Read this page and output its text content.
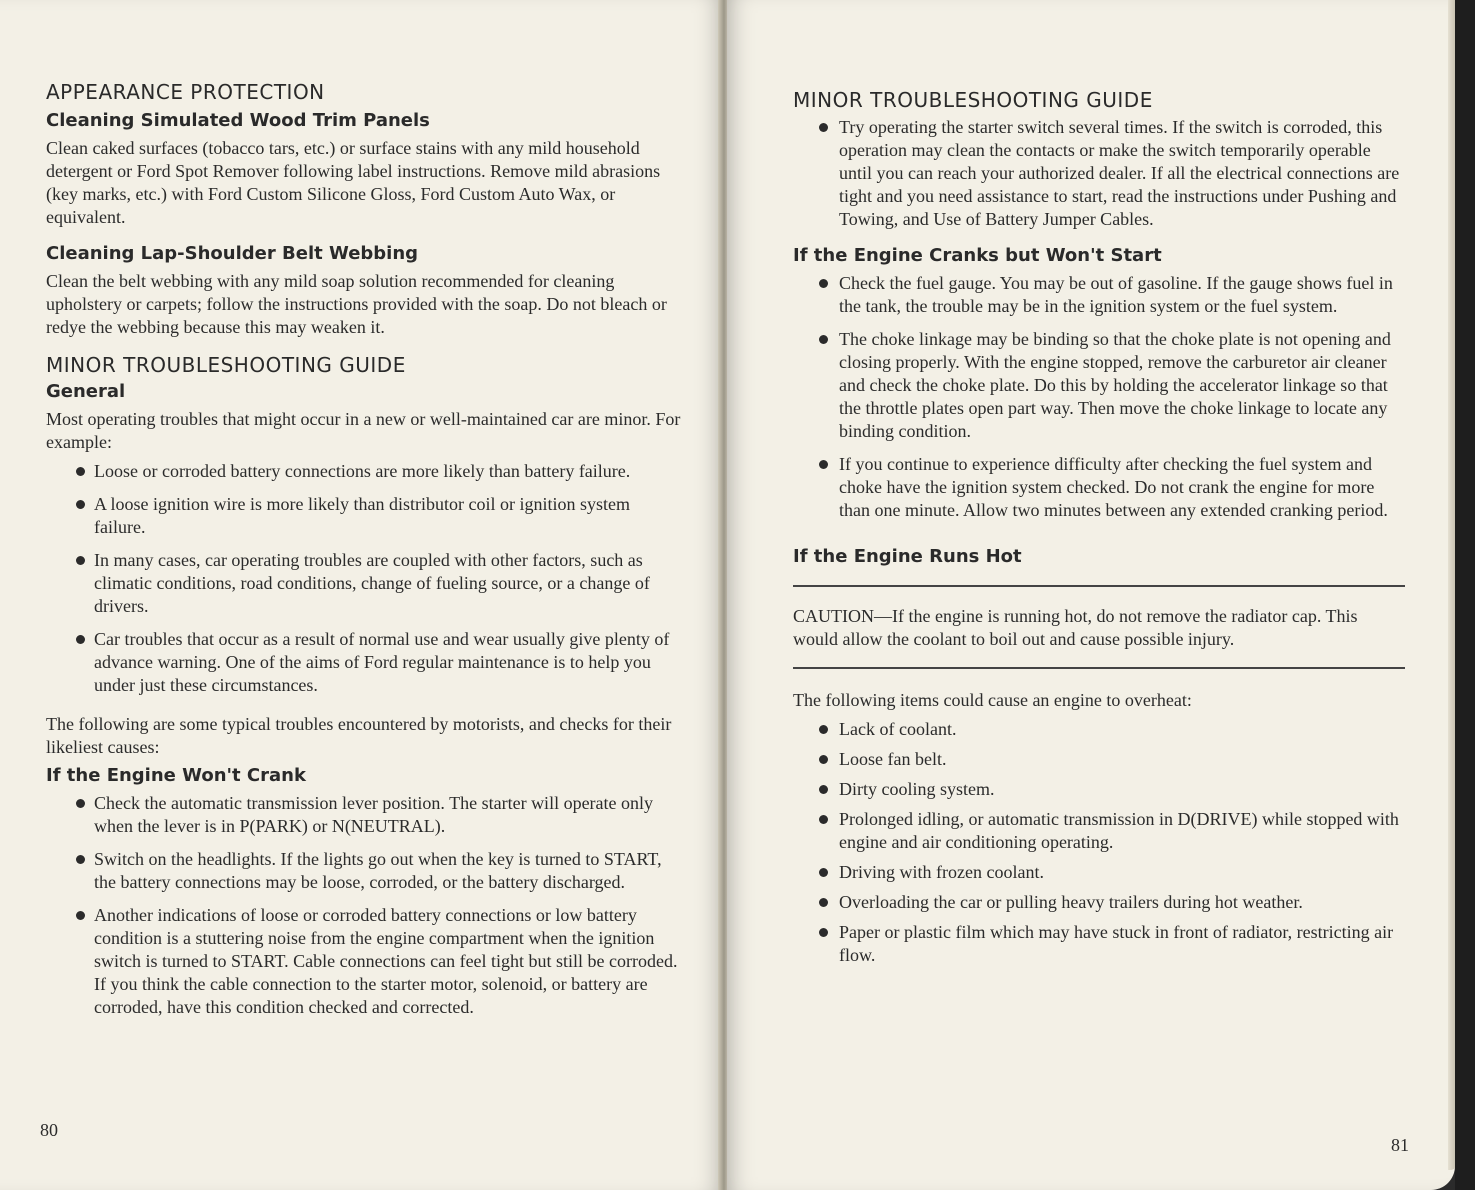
APPEARANCE PROTECTION
Cleaning Simulated Wood Trim Panels

Clean caked surfaces (tobacco tars, etc.) or surface stains with any mild household detergent or Ford Spot Remover following label instructions. Remove mild abrasions (key marks, etc.) with Ford Custom Silicone Gloss, Ford Custom Auto Wax, or equivalent.

Cleaning Lap-Shoulder Belt Webbing

Clean the belt webbing with any mild soap solution recommended for cleaning upholstery or carpets; follow the instructions provided with the soap. Do not bleach or redye the webbing because this may weaken it.

MINOR TROUBLESHOOTING GUIDE
General

Most operating troubles that might occur in a new or well-maintained car are minor. For example:

Loose or corroded battery connections are more likely than battery failure.
A loose ignition wire is more likely than distributor coil or ignition system failure.
In many cases, car operating troubles are coupled with other factors, such as climatic conditions, road conditions, change of fueling source, or a change of drivers.
Car troubles that occur as a result of normal use and wear usually give plenty of advance warning. One of the aims of Ford regular maintenance is to help you under just these circumstances.

The following are some typical troubles encountered by motorists, and checks for their likeliest causes:

If the Engine Won't Crank
Check the automatic transmission lever position. The starter will operate only when the lever is in P(PARK) or N(NEUTRAL).
Switch on the headlights. If the lights go out when the key is turned to START, the battery connections may be loose, corroded, or the battery discharged.
Another indications of loose or corroded battery connections or low battery condition is a stuttering noise from the engine compartment when the ignition switch is turned to START. Cable connections can feel tight but still be corroded. If you think the cable connection to the starter motor, solenoid, or battery are corroded, have this condition checked and corrected.
80
MINOR TROUBLESHOOTING GUIDE
Try operating the starter switch several times. If the switch is corroded, this operation may clean the contacts or make the switch temporarily operable until you can reach your authorized dealer. If all the electrical connections are tight and you need assistance to start, read the instructions under Pushing and Towing, and Use of Battery Jumper Cables.
If the Engine Cranks but Won't Start
Check the fuel gauge. You may be out of gasoline. If the gauge shows fuel in the tank, the trouble may be in the ignition system or the fuel system.
The choke linkage may be binding so that the choke plate is not opening and closing properly. With the engine stopped, remove the carburetor air cleaner and check the choke plate. Do this by holding the accelerator linkage so that the throttle plates open part way. Then move the choke linkage to locate any binding condition.
If you continue to experience difficulty after checking the fuel system and choke have the ignition system checked. Do not crank the engine for more than one minute. Allow two minutes between any extended cranking period.
If the Engine Runs Hot

CAUTION—If the engine is running hot, do not remove the radiator cap. This would allow the coolant to boil out and cause possible injury.

The following items could cause an engine to overheat:

Lack of coolant.
Loose fan belt.
Dirty cooling system.
Prolonged idling, or automatic transmission in D(DRIVE) while stopped with engine and air conditioning operating.
Driving with frozen coolant.
Overloading the car or pulling heavy trailers during hot weather.
Paper or plastic film which may have stuck in front of radiator, restricting air flow.
81
